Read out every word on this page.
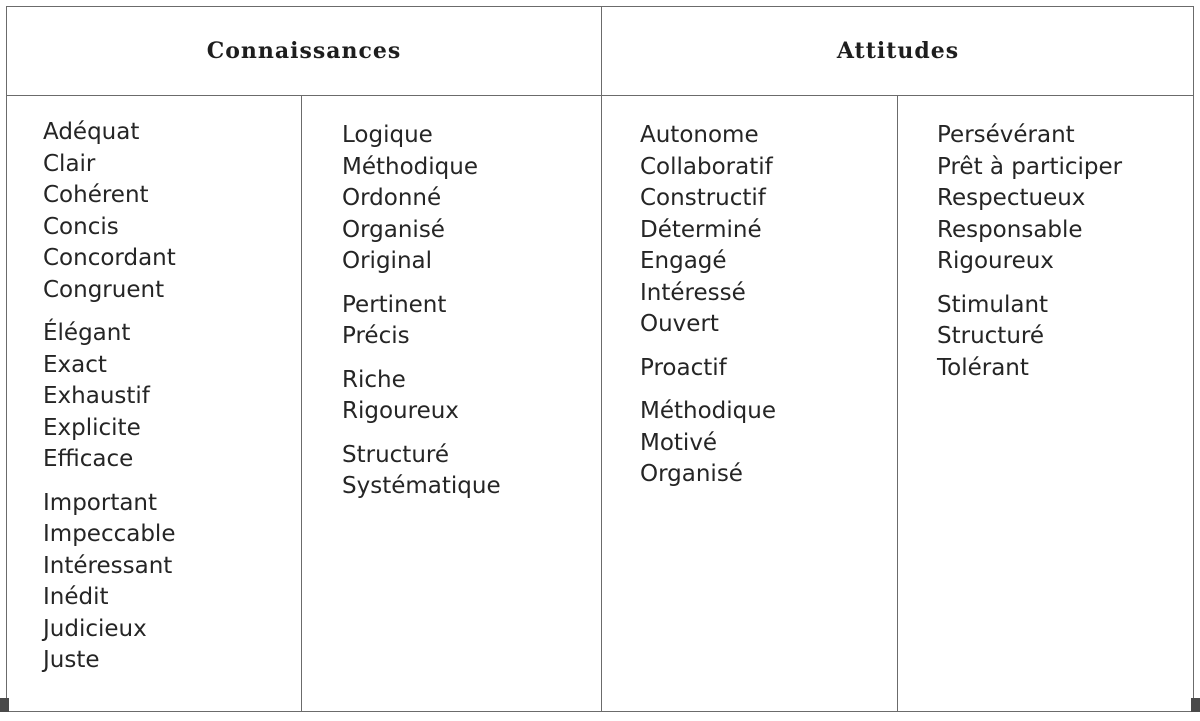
Connaissances	Attitudes
Adéquat
Clair
Cohérent
Concis
Concordant
Congruent
Élégant
Exact
Exhaustif
Explicite
Efficace
Important
Impeccable
Intéressant
Inédit
Judicieux
Juste
Logique
Méthodique
Ordonné
Organisé
Original
Pertinent
Précis
Riche
Rigoureux
Structuré
Systématique
Autonome
Collaboratif
Constructif
Déterminé
Engagé
Intéressé
Ouvert
Proactif
Méthodique
Motivé
Organisé
Persévérant
Prêt à participer
Respectueux
Responsable
Rigoureux
Stimulant
Structuré
Tolérant
